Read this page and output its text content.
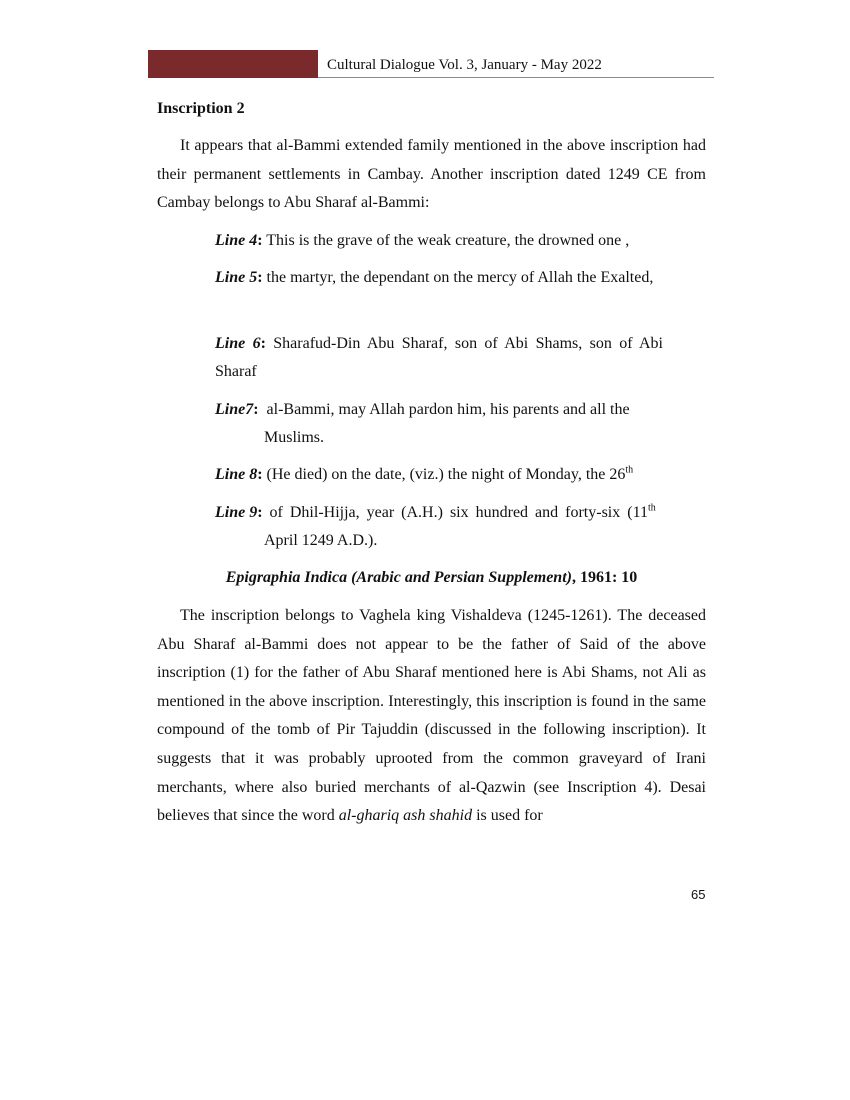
Cultural Dialogue Vol. 3, January - May 2022
Inscription 2

It appears that al-Bammi extended family mentioned in the above inscription had their permanent settlements in Cambay. Another inscription dated 1249 CE from Cambay belongs to Abu Sharaf al-Bammi:

Line 4: This is the grave of the weak creature, the drowned one ,

Line 5: the martyr, the dependant on the mercy of Allah the Exalted,

Line 6: Sharafud-Din Abu Sharaf, son of Abi Shams, son of Abi Sharaf

Line7:  al-Bammi, may Allah pardon him, his parents and all the
Muslims.

Line 8: (He died) on the date, (viz.) the night of Monday, the 26th

Line 9: of Dhil-Hijja, year (A.H.) six hundred and forty-six (11th
April 1249 A.D.).

Epigraphia Indica (Arabic and Persian Supplement), 1961: 10

The inscription belongs to Vaghela king Vishaldeva (1245-1261). The deceased Abu Sharaf al-Bammi does not appear to be the father of Said of the above inscription (1) for the father of Abu Sharaf mentioned here is Abi Shams, not Ali as mentioned in the above inscription. Interestingly, this inscription is found in the same compound of the tomb of Pir Tajuddin (discussed in the following inscription). It suggests that it was probably uprooted from the common graveyard of Irani merchants, where also buried merchants of al-Qazwin (see Inscription 4). Desai believes that since the word al-ghariq ash shahid is used for

65
